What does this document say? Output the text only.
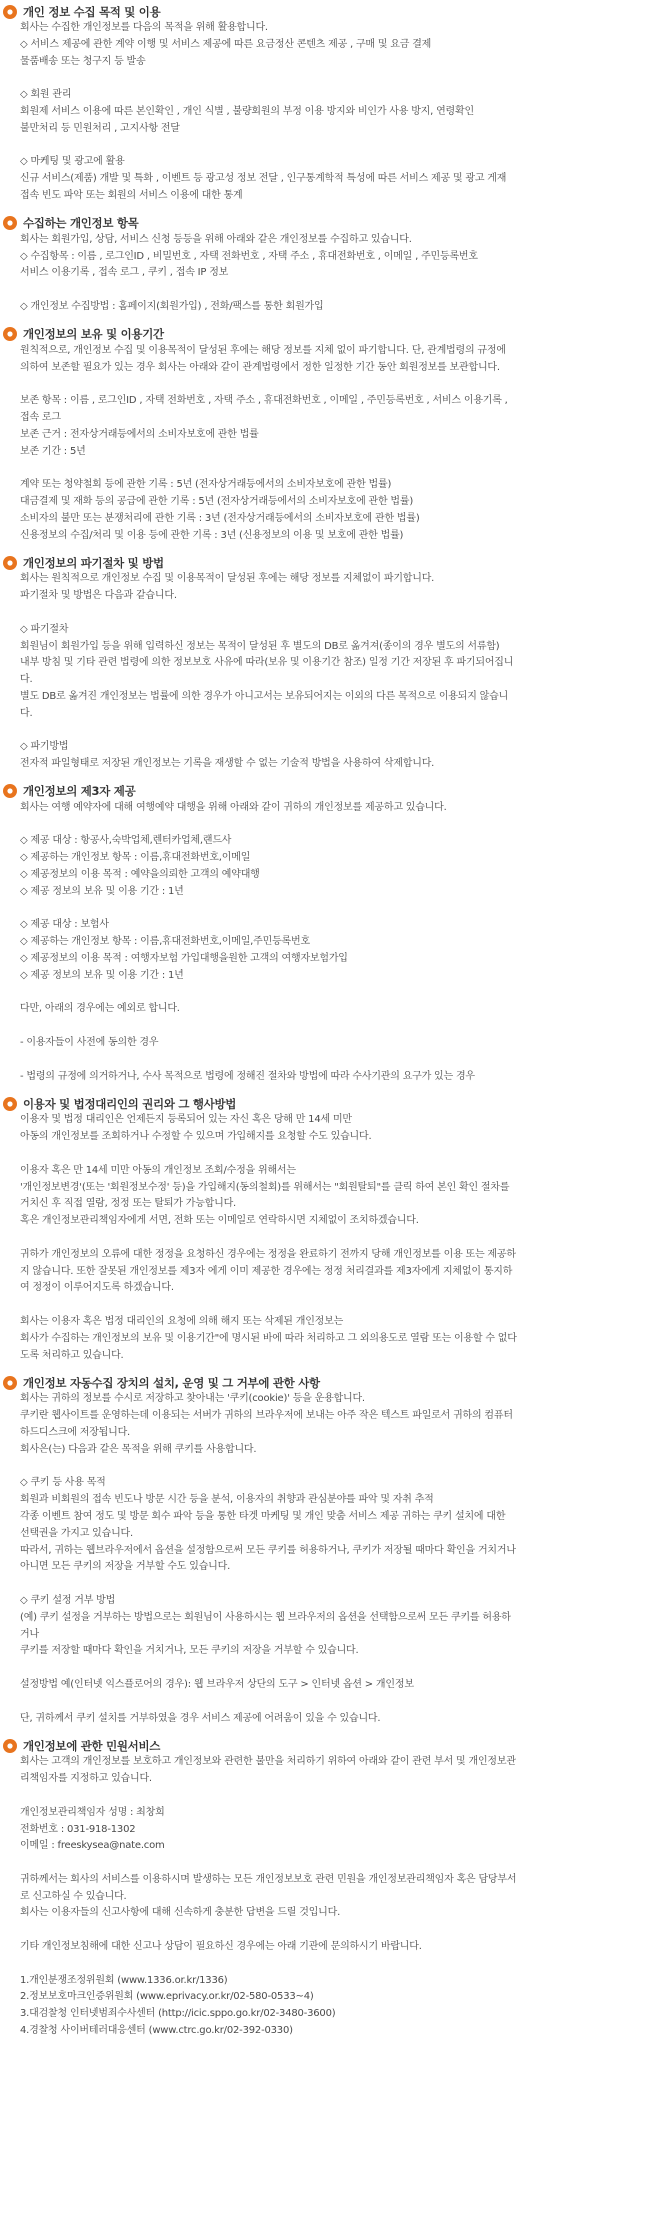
개인 정보 수집 목적 및 이용
회사는 수집한 개인정보를 다음의 목적을 위해 활용합니다.
◇ 서비스 제공에 관한 계약 이행 및 서비스 제공에 따른 요금정산 콘텐츠 제공 , 구매 및 요금 결제
물품배송 또는 청구지 등 발송
◇ 회원 관리
회원제 서비스 이용에 따른 본인확인 , 개인 식별 , 불량회원의 부정 이용 방지와 비인가 사용 방지, 연령확인
불만처리 등 민원처리 , 고지사항 전달
◇ 마케팅 및 광고에 활용
신규 서비스(제품) 개발 및 특화 , 이벤트 등 광고성 정보 전달 , 인구통계학적 특성에 따른 서비스 제공 및 광고 게재
접속 빈도 파악 또는 회원의 서비스 이용에 대한 통계
수집하는 개인정보 항목
회사는 회원가입, 상담, 서비스 신청 등등을 위해 아래와 같은 개인정보를 수집하고 있습니다.
◇ 수집항목 : 이름 , 로그인ID , 비밀번호 , 자택 전화번호 , 자택 주소 , 휴대전화번호 , 이메일 , 주민등록번호
서비스 이용기록 , 접속 로그 , 쿠키 , 접속 IP 정보
◇ 개인정보 수집방법 : 홈페이지(회원가입) , 전화/팩스를 통한 회원가입
개인정보의 보유 및 이용기간
원칙적으로, 개인정보 수집 및 이용목적이 달성된 후에는 해당 정보를 지체 없이 파기합니다. 단, 관계법령의 규정에
의하여 보존할 필요가 있는 경우 회사는 아래와 같이 관계법령에서 정한 일정한 기간 동안 회원정보를 보관합니다.
보존 항목 : 이름 , 로그인ID , 자택 전화번호 , 자택 주소 , 휴대전화번호 , 이메일 , 주민등록번호 , 서비스 이용기록 ,
접속 로그
보존 근거 : 전자상거래등에서의 소비자보호에 관한 법률
보존 기간 : 5년
계약 또는 청약철회 등에 관한 기록 : 5년 (전자상거래등에서의 소비자보호에 관한 법률)
대금결제 및 재화 등의 공급에 관한 기록 : 5년 (전자상거래등에서의 소비자보호에 관한 법률)
소비자의 불만 또는 분쟁처리에 관한 기록 : 3년 (전자상거래등에서의 소비자보호에 관한 법률)
신용정보의 수집/처리 및 이용 등에 관한 기록 : 3년 (신용정보의 이용 및 보호에 관한 법률)
개인정보의 파기절차 및 방법
회사는 원칙적으로 개인정보 수집 및 이용목적이 달성된 후에는 해당 정보를 지체없이 파기합니다.
파기절차 및 방법은 다음과 같습니다.
◇ 파기절차
회원님이 회원가입 등을 위해 입력하신 정보는 목적이 달성된 후 별도의 DB로 옮겨져(종이의 경우 별도의 서류함)
내부 방침 및 기타 관련 법령에 의한 정보보호 사유에 따라(보유 및 이용기간 참조) 일정 기간 저장된 후 파기되어집니
다.
별도 DB로 옮겨진 개인정보는 법률에 의한 경우가 아니고서는 보유되어지는 이외의 다른 목적으로 이용되지 않습니
다.
◇ 파기방법
전자적 파일형태로 저장된 개인정보는 기록을 재생할 수 없는 기술적 방법을 사용하여 삭제합니다.
개인정보의 제3자 제공
회사는 여행 예약자에 대해 여행예약 대행을 위해 아래와 같이 귀하의 개인정보를 제공하고 있습니다.
◇ 제공 대상 : 항공사,숙박업체,렌터카업체,랜드사
◇ 제공하는 개인정보 항목 : 이름,휴대전화번호,이메일
◇ 제공정보의 이용 목적 : 예약을의뢰한 고객의 예약대행
◇ 제공 정보의 보유 및 이용 기간 : 1년
◇ 제공 대상 : 보험사
◇ 제공하는 개인정보 항목 : 이름,휴대전화번호,이메일,주민등록번호
◇ 제공정보의 이용 목적 : 여행자보험 가입대행을원한 고객의 여행자보험가입
◇ 제공 정보의 보유 및 이용 기간 : 1년
다만, 아래의 경우에는 예외로 합니다.
- 이용자들이 사전에 동의한 경우
- 법령의 규정에 의거하거나, 수사 목적으로 법령에 정해진 절차와 방법에 따라 수사기관의 요구가 있는 경우
이용자 및 법정대리인의 권리와 그 행사방법
이용자 및 법정 대리인은 언제든지 등록되어 있는 자신 혹은 당해 만 14세 미만
아동의 개인정보를 조회하거나 수정할 수 있으며 가입해지를 요청할 수도 있습니다.
이용자 혹은 만 14세 미만 아동의 개인정보 조회/수정을 위해서는
'개인정보변경'(또는 '회원정보수정' 등)을 가입해지(동의철회)를 위해서는 "회원탈퇴"를 클릭 하여 본인 확인 절차를
거치신 후 직접 열람, 정정 또는 탈퇴가 가능합니다.
혹은 개인정보관리책임자에게 서면, 전화 또는 이메일로 연락하시면 지체없이 조치하겠습니다.
귀하가 개인정보의 오류에 대한 정정을 요청하신 경우에는 정정을 완료하기 전까지 당해 개인정보를 이용 또는 제공하
지 않습니다. 또한 잘못된 개인정보를 제3자 에게 이미 제공한 경우에는 정정 처리결과를 제3자에게 지체없이 통지하
여 정정이 이루어지도록 하겠습니다.
회사는 이용자 혹은 법정 대리인의 요청에 의해 해지 또는 삭제된 개인정보는
회사가 수집하는 개인정보의 보유 및 이용기간"에 명시된 바에 따라 처리하고 그 외의용도로 열람 또는 이용할 수 없다
도록 처리하고 있습니다.
개인정보 자동수집 장치의 설치, 운영 및 그 거부에 관한 사항
회사는 귀하의 정보를 수시로 저장하고 찾아내는 '쿠키(cookie)' 등을 운용합니다.
쿠키란 웹사이트를 운영하는데 이용되는 서버가 귀하의 브라우저에 보내는 아주 작은 텍스트 파일로서 귀하의 컴퓨터
하드디스크에 저장됩니다.
회사은(는) 다음과 같은 목적을 위해 쿠키를 사용합니다.
◇ 쿠키 등 사용 목적
회원과 비회원의 접속 빈도나 방문 시간 등을 분석, 이용자의 취향과 관심분야를 파악 및 자취 추적
각종 이벤트 참여 정도 및 방문 회수 파악 등을 통한 타겟 마케팅 및 개인 맞춤 서비스 제공 귀하는 쿠키 설치에 대한
선택권을 가지고 있습니다.
따라서, 귀하는 웹브라우저에서 옵션을 설정함으로써 모든 쿠키를 허용하거나, 쿠키가 저장될 때마다 확인을 거치거나
아니면 모든 쿠키의 저장을 거부할 수도 있습니다.
◇ 쿠키 설정 거부 방법
(예) 쿠키 설정을 거부하는 방법으로는 회원님이 사용하시는 웹 브라우저의 옵션을 선택함으로써 모든 쿠키를 허용하
거나
쿠키를 저장할 때마다 확인을 거치거나, 모든 쿠키의 저장을 거부할 수 있습니다.
설정방법 예(인터넷 익스플로어의 경우): 웹 브라우저 상단의 도구 > 인터넷 옵션 > 개인정보
단, 귀하께서 쿠키 설치를 거부하였을 경우 서비스 제공에 어려움이 있을 수 있습니다.
개인정보에 관한 민원서비스
회사는 고객의 개인정보를 보호하고 개인정보와 관련한 불만을 처리하기 위하여 아래와 같이 관련 부서 및 개인정보관
리책임자를 지정하고 있습니다.
개인정보관리책임자 성명 : 최창희
전화번호 : 031-918-1302
이메일 : freeskysea@nate.com
귀하께서는 회사의 서비스를 이용하시며 발생하는 모든 개인정보보호 관련 민원을 개인정보관리책임자 혹은 담당부서
로 신고하실 수 있습니다.
회사는 이용자들의 신고사항에 대해 신속하게 충분한 답변을 드릴 것입니다.
기타 개인정보침해에 대한 신고나 상담이 필요하신 경우에는 아래 기관에 문의하시기 바랍니다.
1.개인분쟁조정위원회 (www.1336.or.kr/1336)
2.정보보호마크인증위원회 (www.eprivacy.or.kr/02-580-0533~4)
3.대검찰청 인터넷범죄수사센터 (http://icic.sppo.go.kr/02-3480-3600)
4.경찰청 사이버테러대응센터 (www.ctrc.go.kr/02-392-0330)
